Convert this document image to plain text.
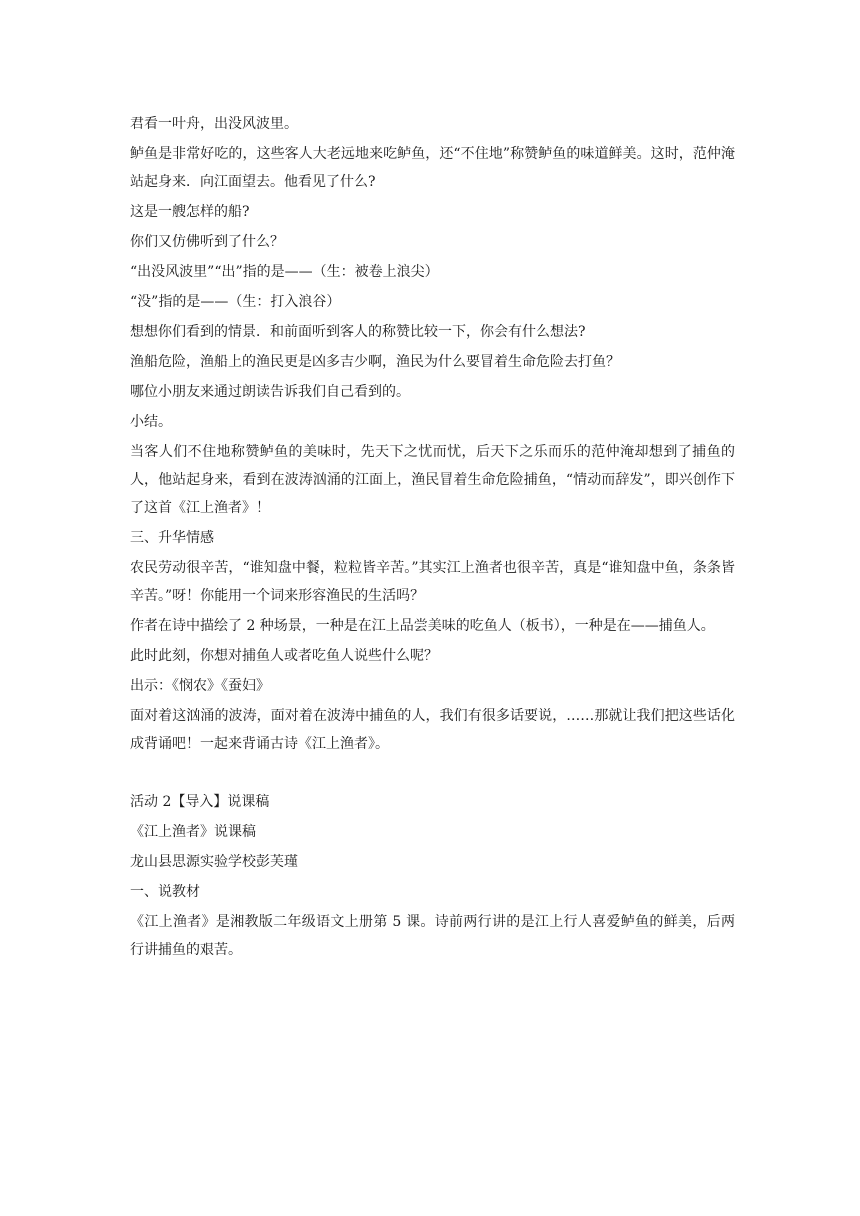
君看一叶舟，出没风波里。

鲈鱼是非常好吃的，这些客人大老远地来吃鲈鱼，还“不住地”称赞鲈鱼的味道鲜美。这时，范仲淹站起身来．向江面望去。他看见了什么?

这是一艘怎样的船?

你们又仿佛听到了什么？

“出没风波里”“出”指的是——（生：被卷上浪尖）

“没”指的是——（生：打入浪谷）

想想你们看到的情景．和前面听到客人的称赞比较一下，你会有什么想法?

渔船危险，渔船上的渔民更是凶多吉少啊，渔民为什么要冒着生命危险去打鱼？

哪位小朋友来通过朗读告诉我们自己看到的。

小结。

当客人们不住地称赞鲈鱼的美味时，先天下之忧而忧，后天下之乐而乐的范仲淹却想到了捕鱼的人，他站起身来，看到在波涛汹涌的江面上，渔民冒着生命危险捕鱼，“情动而辞发”，即兴创作下了这首《江上渔者》！

三、升华情感

农民劳动很辛苦，“谁知盘中餐，粒粒皆辛苦。”其实江上渔者也很辛苦，真是“谁知盘中鱼，条条皆辛苦。”呀！你能用一个词来形容渔民的生活吗？

作者在诗中描绘了 2 种场景，一种是在江上品尝美味的吃鱼人（板书），一种是在——捕鱼人。

此时此刻，你想对捕鱼人或者吃鱼人说些什么呢？

出示：《悯农》《蚕妇》

面对着这汹涌的波涛，面对着在波涛中捕鱼的人，我们有很多话要说，……那就让我们把这些话化成背诵吧！一起来背诵古诗《江上渔者》。

活动 2【导入】说课稿

《江上渔者》说课稿

龙山县思源实验学校彭芙瑾

一、说教材

《江上渔者》是湘教版二年级语文上册第 5 课。诗前两行讲的是江上行人喜爱鲈鱼的鲜美，后两行讲捕鱼的艰苦。
